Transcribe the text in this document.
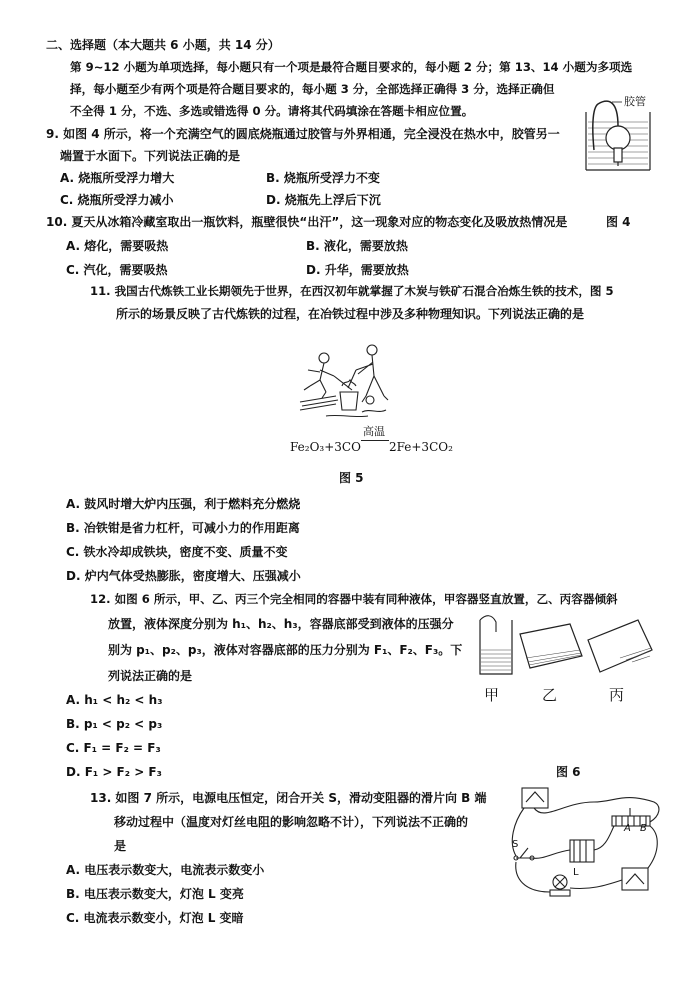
二、选择题（本大题共 6 小题，共 14 分）
第 9~12 小题为单项选择，每小题只有一个项是最符合题目要求的，每小题 2 分；第 13、14 小题为多项选
择，每小题至少有两个项是符合题目要求的，每小题 3 分，全部选择正确得 3 分，选择正确但
不全得 1 分，不选、多选或错选得 0 分。请将其代码填涂在答题卡相应位置。
胶管
9. 如图 4 所示，将一个充满空气的圆底烧瓶通过胶管与外界相通，完全浸没在热水中，胶管另一
端置于水面下。下列说法正确的是
A. 烧瓶所受浮力增大	B. 烧瓶所受浮力不变
C. 烧瓶所受浮力减小	D. 烧瓶先上浮后下沉
10. 夏天从冰箱冷藏室取出一瓶饮料，瓶壁很快“出汗”，这一现象对应的物态变化及吸放热情况是	图 4
A. 熔化，需要吸热	B. 液化，需要放热
C. 汽化，需要吸热	D. 升华，需要放热
11. 我国古代炼铁工业长期领先于世界，在西汉初年就掌握了木炭与铁矿石混合冶炼生铁的技术，图 5
所示的场景反映了古代炼铁的过程，在冶铁过程中涉及多种物理知识。下列说法正确的是
Fe₂O₃+3CO
高温
2Fe+3CO₂
图 5
A. 鼓风时增大炉内压强，利于燃料充分燃烧
B. 冶铁钳是省力杠杆，可减小力的作用距离
C. 铁水冷却成铁块，密度不变、质量不变
D. 炉内气体受热膨胀，密度增大、压强减小
12. 如图 6 所示，甲、乙、丙三个完全相同的容器中装有同种液体，甲容器竖直放置，乙、丙容器倾斜
放置，液体深度分别为 h₁、h₂、h₃，容器底部受到液体的压强分
别为 p₁、p₂、p₃，液体对容器底部的压力分别为 F₁、F₂、F₃。下
列说法正确的是
甲	乙	丙
A. h₁ < h₂ < h₃
B. p₁ < p₂ < p₃
C. F₁ = F₂ = F₃
D. F₁ > F₂ > F₃	图 6
13. 如图 7 所示，电源电压恒定，闭合开关 S，滑动变阻器的滑片向 B 端
移动过程中（温度对灯丝电阻的影响忽略不计），下列说法不正确的
是	S
L
A B
A. 电压表示数变大，电流表示数变小
B. 电压表示数变大，灯泡 L 变亮
C. 电流表示数变小，灯泡 L 变暗
